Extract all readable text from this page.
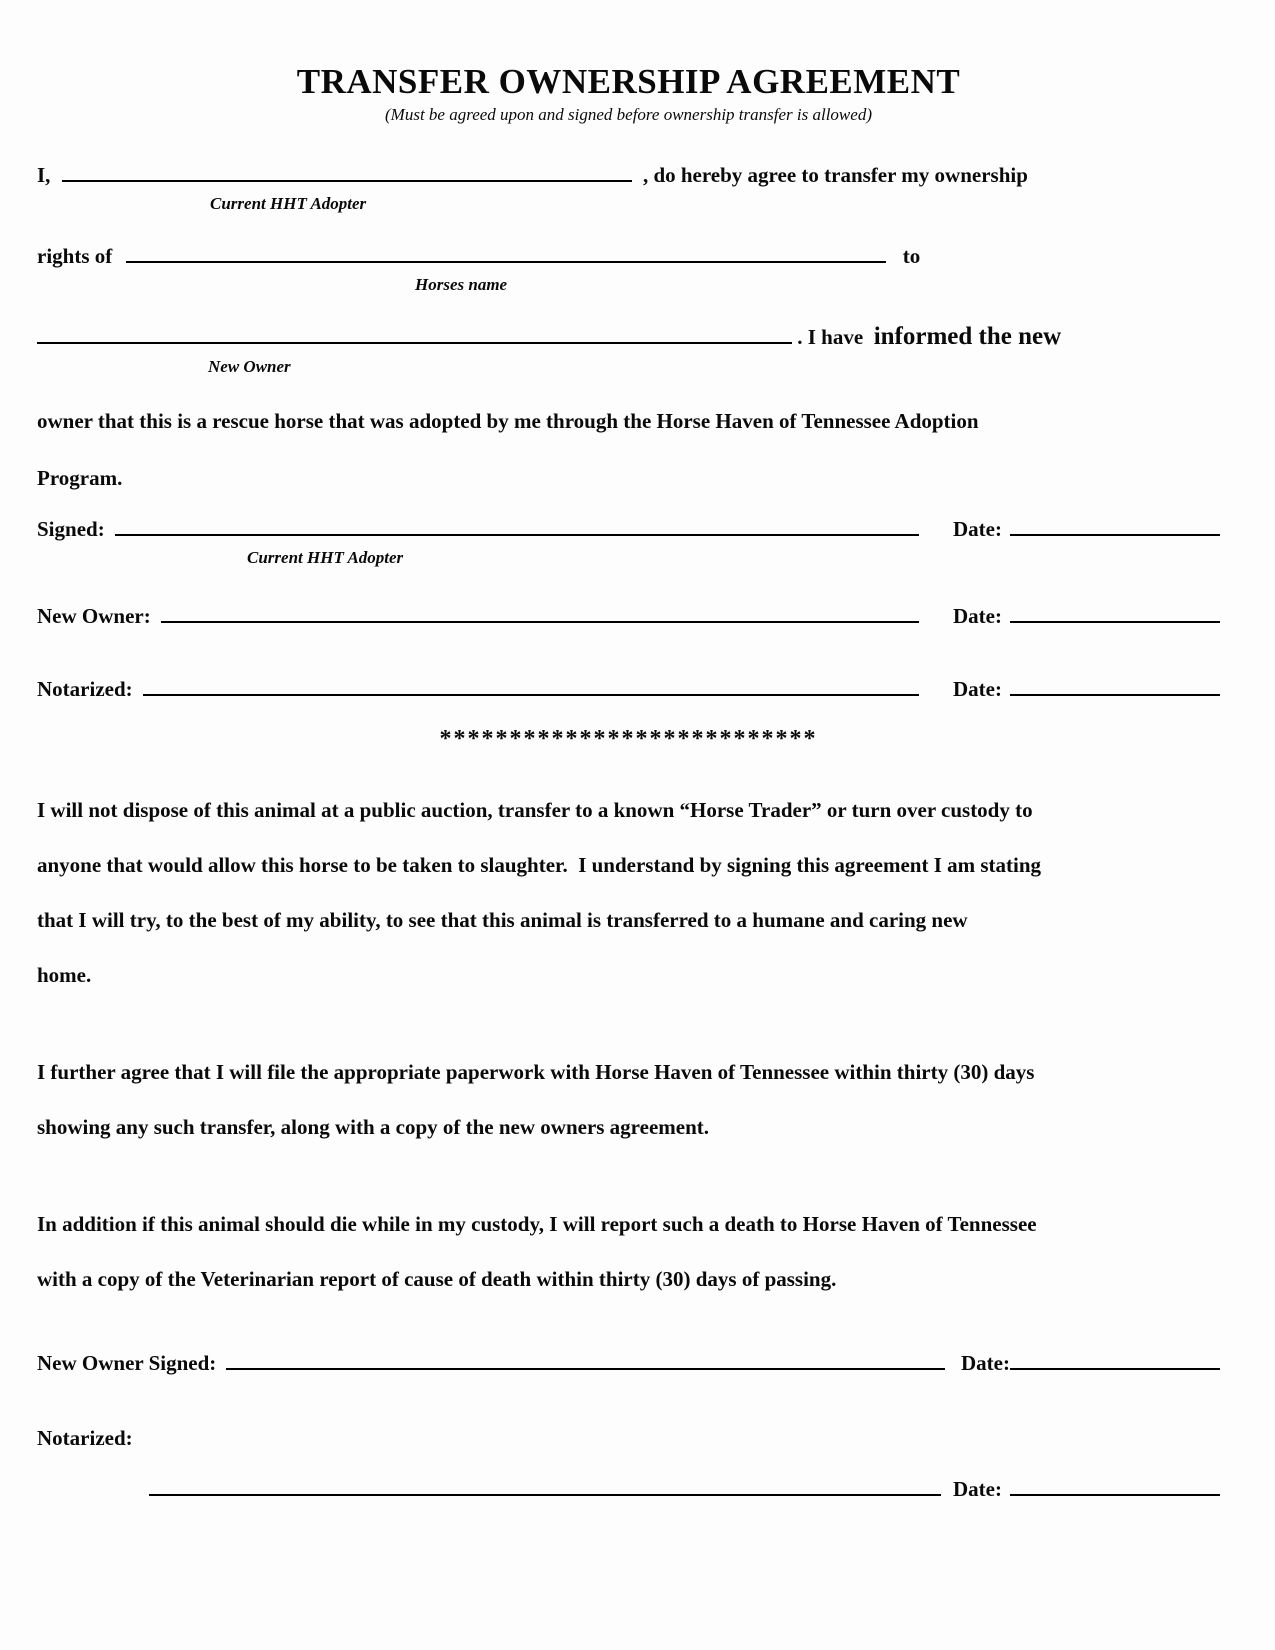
TRANSFER OWNERSHIP AGREEMENT
(Must be agreed upon and signed before ownership transfer is allowed)
I,	, do hereby agree to transfer my ownership
Current HHT Adopter
rights of	to
Horses name
. I have  informed the new
New Owner
owner that this is a rescue horse that was adopted by me through the Horse Haven of Tennessee Adoption
Program.
Signed:	Date:
Current HHT Adopter
New Owner:	Date:
Notarized:	Date:
***************************
I will not dispose of this animal at a public auction, transfer to a known “Horse Trader” or turn over custody to
anyone that would allow this horse to be taken to slaughter.  I understand by signing this agreement I am stating
that I will try, to the best of my ability, to see that this animal is transferred to a humane and caring new
home.
I further agree that I will file the appropriate paperwork with Horse Haven of Tennessee within thirty (30) days
showing any such transfer, along with a copy of the new owners agreement.
In addition if this animal should die while in my custody, I will report such a death to Horse Haven of Tennessee
with a copy of the Veterinarian report of cause of death within thirty (30) days of passing.
New Owner Signed:	Date:
Notarized:
Date:
